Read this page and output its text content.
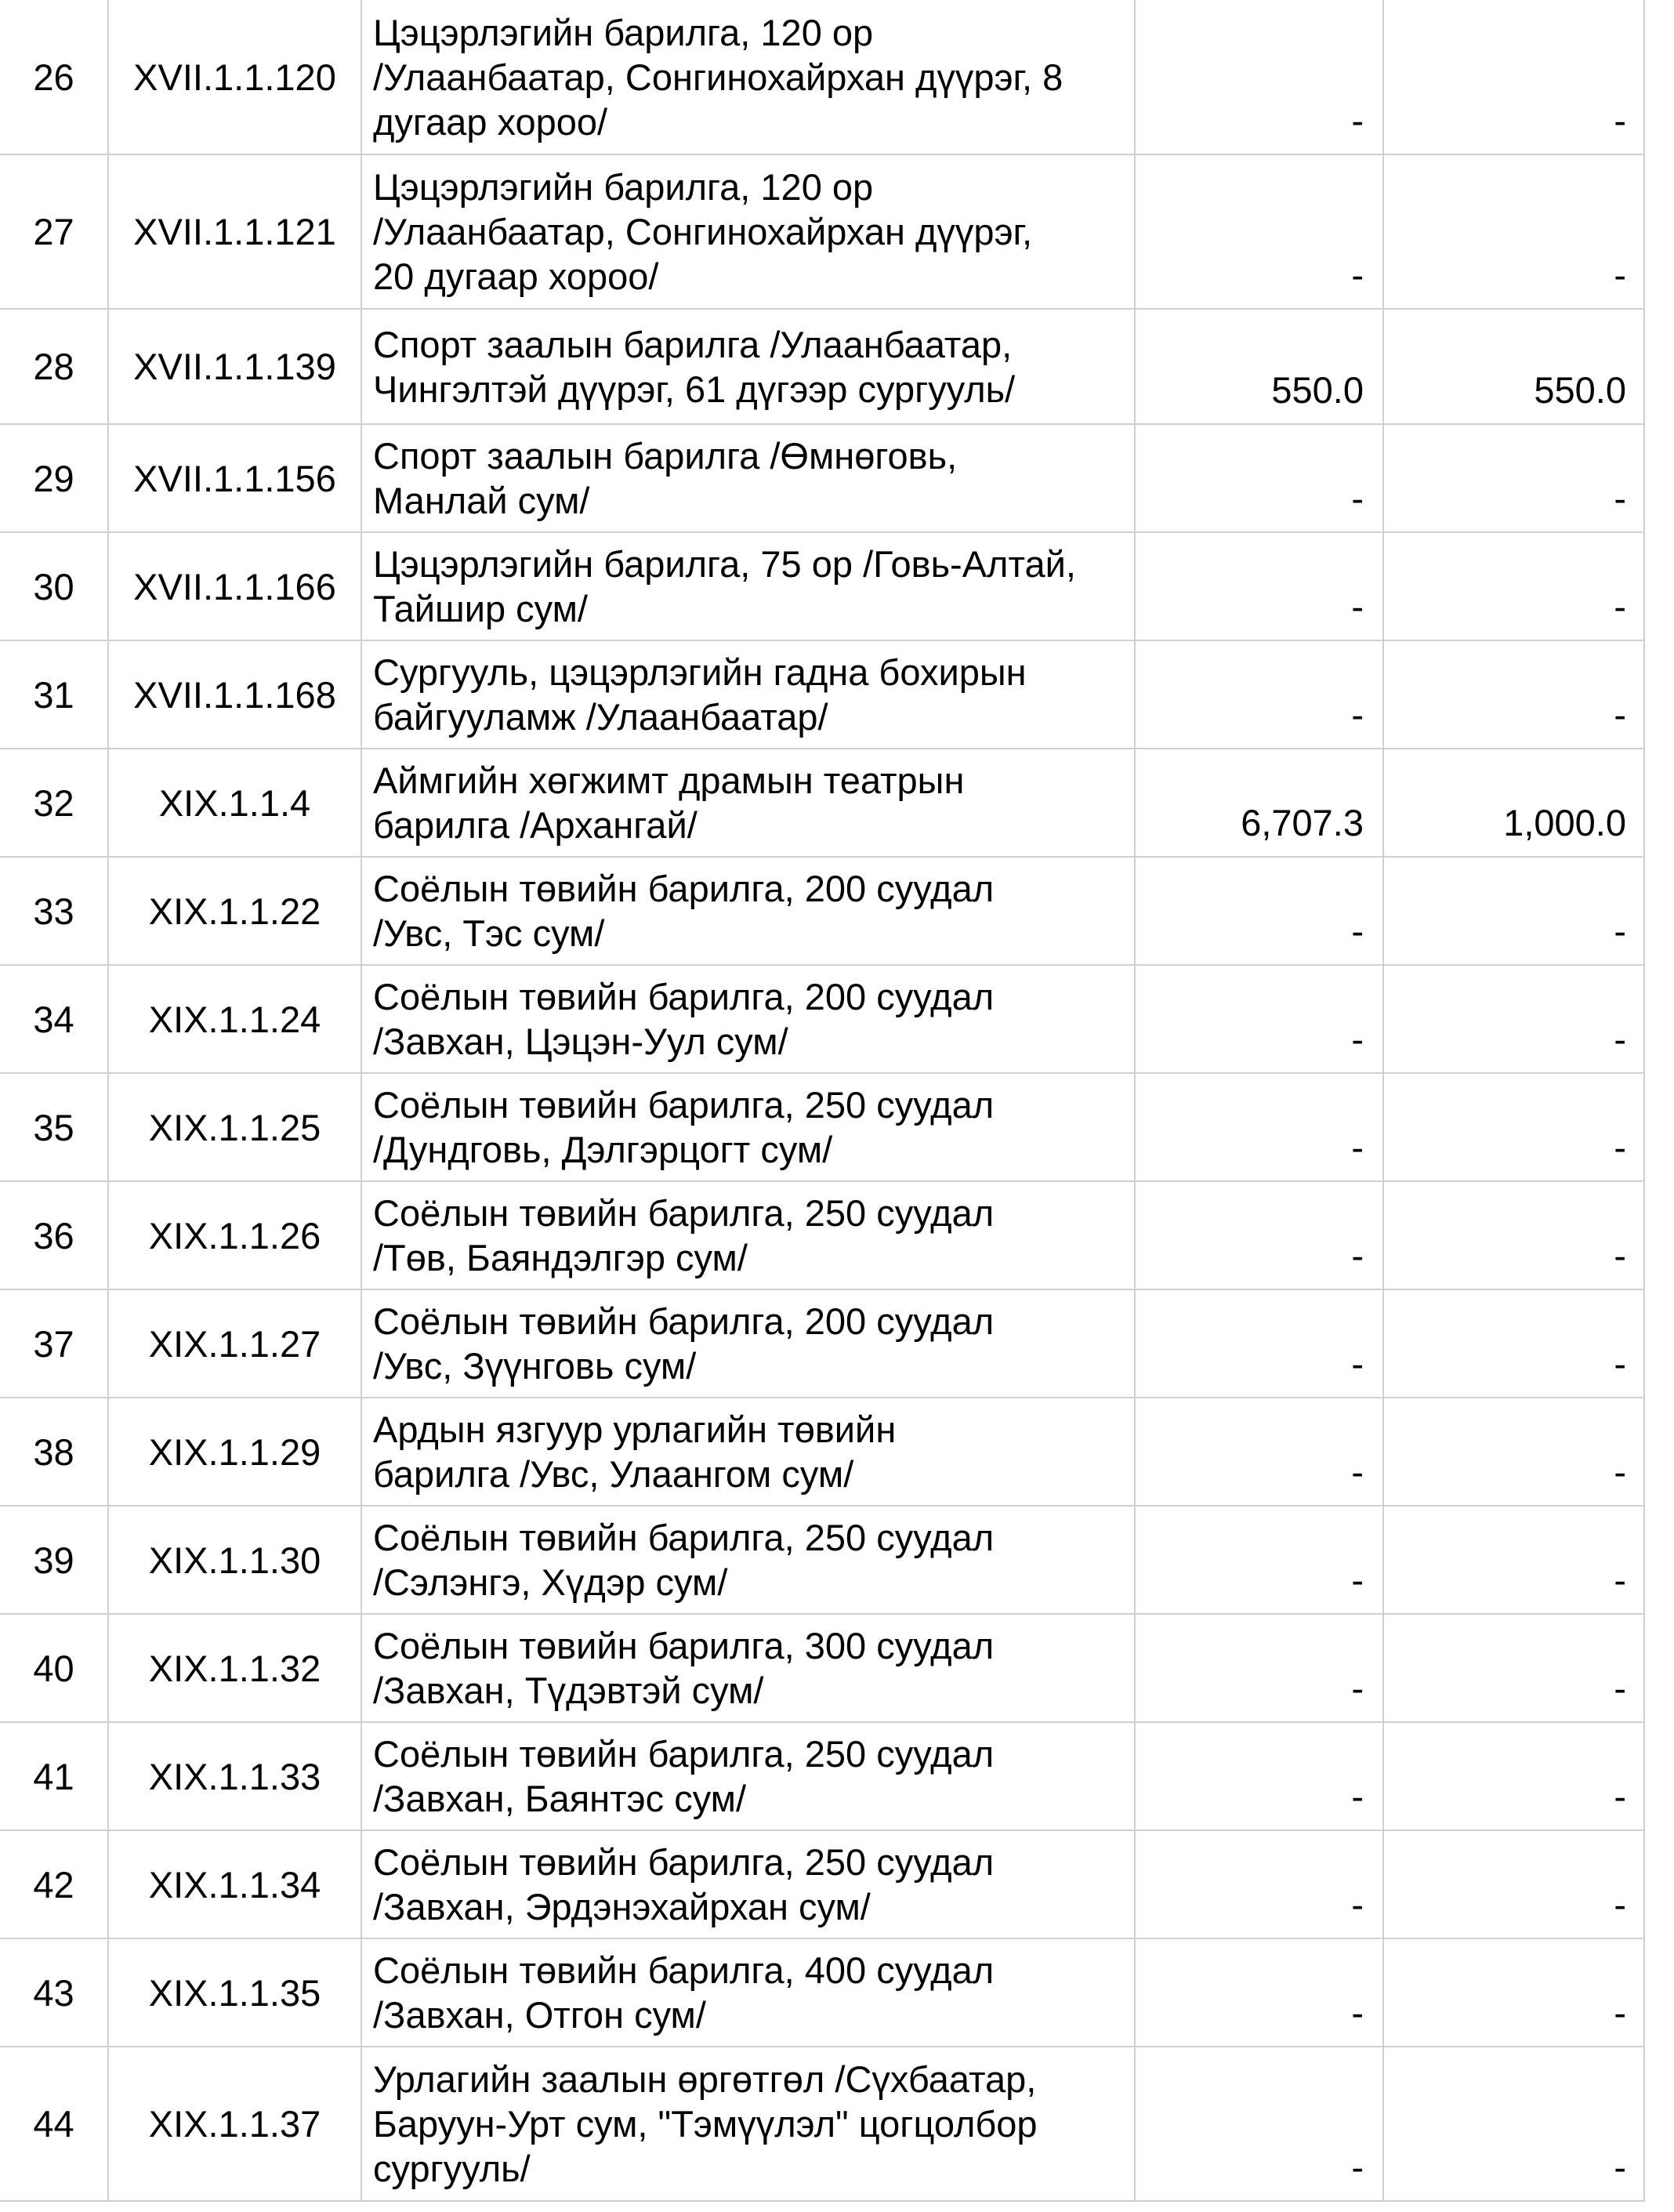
26	XVII.1.1.120	Цэцэрлэгийн барилга, 120 ор
/Улаанбаатар, Сонгинохайрхан дүүрэг, 8
дугаар хороо/	-	-
27	XVII.1.1.121	Цэцэрлэгийн барилга, 120 ор
/Улаанбаатар, Сонгинохайрхан дүүрэг,
20 дугаар хороо/	-	-
28	XVII.1.1.139	Спорт заалын барилга /Улаанбаатар,
Чингэлтэй дүүрэг, 61 дүгээр сургууль/	550.0	550.0
29	XVII.1.1.156	Спорт заалын барилга /Өмнөговь,
Манлай сум/	-	-
30	XVII.1.1.166	Цэцэрлэгийн барилга, 75 ор /Говь-Алтай,
Тайшир сум/	-	-
31	XVII.1.1.168	Сургууль, цэцэрлэгийн гадна бохирын
байгууламж /Улаанбаатар/	-	-
32	XIX.1.1.4	Аймгийн хөгжимт драмын театрын
барилга /Архангай/	6,707.3	1,000.0
33	XIX.1.1.22	Соёлын төвийн барилга, 200 суудал
/Увс, Тэс сум/	-	-
34	XIX.1.1.24	Соёлын төвийн барилга, 200 суудал
/Завхан, Цэцэн-Уул сум/	-	-
35	XIX.1.1.25	Соёлын төвийн барилга, 250 суудал
/Дундговь, Дэлгэрцогт сум/	-	-
36	XIX.1.1.26	Соёлын төвийн барилга, 250 суудал
/Төв, Баяндэлгэр сум/	-	-
37	XIX.1.1.27	Соёлын төвийн барилга, 200 суудал
/Увс, Зүүнговь сум/	-	-
38	XIX.1.1.29	Ардын язгуур урлагийн төвийн
барилга /Увс, Улаангом сум/	-	-
39	XIX.1.1.30	Соёлын төвийн барилга, 250 суудал
/Сэлэнгэ, Хүдэр сум/	-	-
40	XIX.1.1.32	Соёлын төвийн барилга, 300 суудал
/Завхан, Түдэвтэй сум/	-	-
41	XIX.1.1.33	Соёлын төвийн барилга, 250 суудал
/Завхан, Баянтэс сум/	-	-
42	XIX.1.1.34	Соёлын төвийн барилга, 250 суудал
/Завхан, Эрдэнэхайрхан сум/	-	-
43	XIX.1.1.35	Соёлын төвийн барилга, 400 суудал
/Завхан, Отгон сум/	-	-
44	XIX.1.1.37	Урлагийн заалын өргөтгөл /Сүхбаатар,
Баруун-Урт сум, "Тэмүүлэл" цогцолбор
сургууль/	-	-
